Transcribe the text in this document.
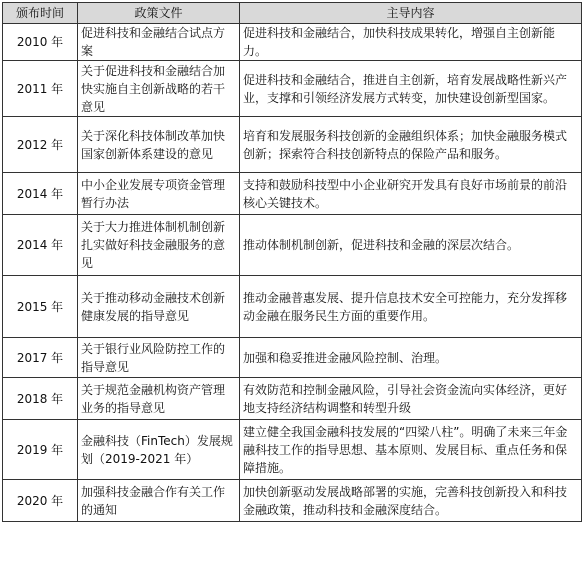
颁布时间	政策文件	主导内容
2010 年	促进科技和金融结合试点方案	促进科技和金融结合，加快科技成果转化，增强自主创新能力。
2011 年	关于促进科技和金融结合加快实施自主创新战略的若干意见	促进科技和金融结合，推进自主创新，培育发展战略性新兴产业，支撑和引领经济发展方式转变，加快建设创新型国家。
2012 年	关于深化科技体制改革加快国家创新体系建设的意见	培育和发展服务科技创新的金融组织体系；加快金融服务模式创新；探索符合科技创新特点的保险产品和服务。
2014 年	中小企业发展专项资金管理暂行办法	支持和鼓励科技型中小企业研究开发具有良好市场前景的前沿核心关键技术。
2014 年	关于大力推进体制机制创新 扎实做好科技金融服务的意见	推动体制机制创新，促进科技和金融的深层次结合。
2015 年	关于推动移动金融技术创新健康发展的指导意见	推动金融普惠发展、提升信息技术安全可控能力，充分发挥移动金融在服务民生方面的重要作用。
2017 年	关于银行业风险防控工作的指导意见	加强和稳妥推进金融风险控制、治理。
2018 年	关于规范金融机构资产管理业务的指导意见	有效防范和控制金融风险，引导社会资金流向实体经济，更好地支持经济结构调整和转型升级
2019 年	金融科技（FinTech）发展规划（2019-2021 年）	建立健全我国金融科技发展的“四梁八柱”。明确了未来三年金融科技工作的指导思想、基本原则、发展目标、重点任务和保障措施。
2020 年	加强科技金融合作有关工作的通知	加快创新驱动发展战略部署的实施，完善科技创新投入和科技金融政策，推动科技和金融深度结合。
